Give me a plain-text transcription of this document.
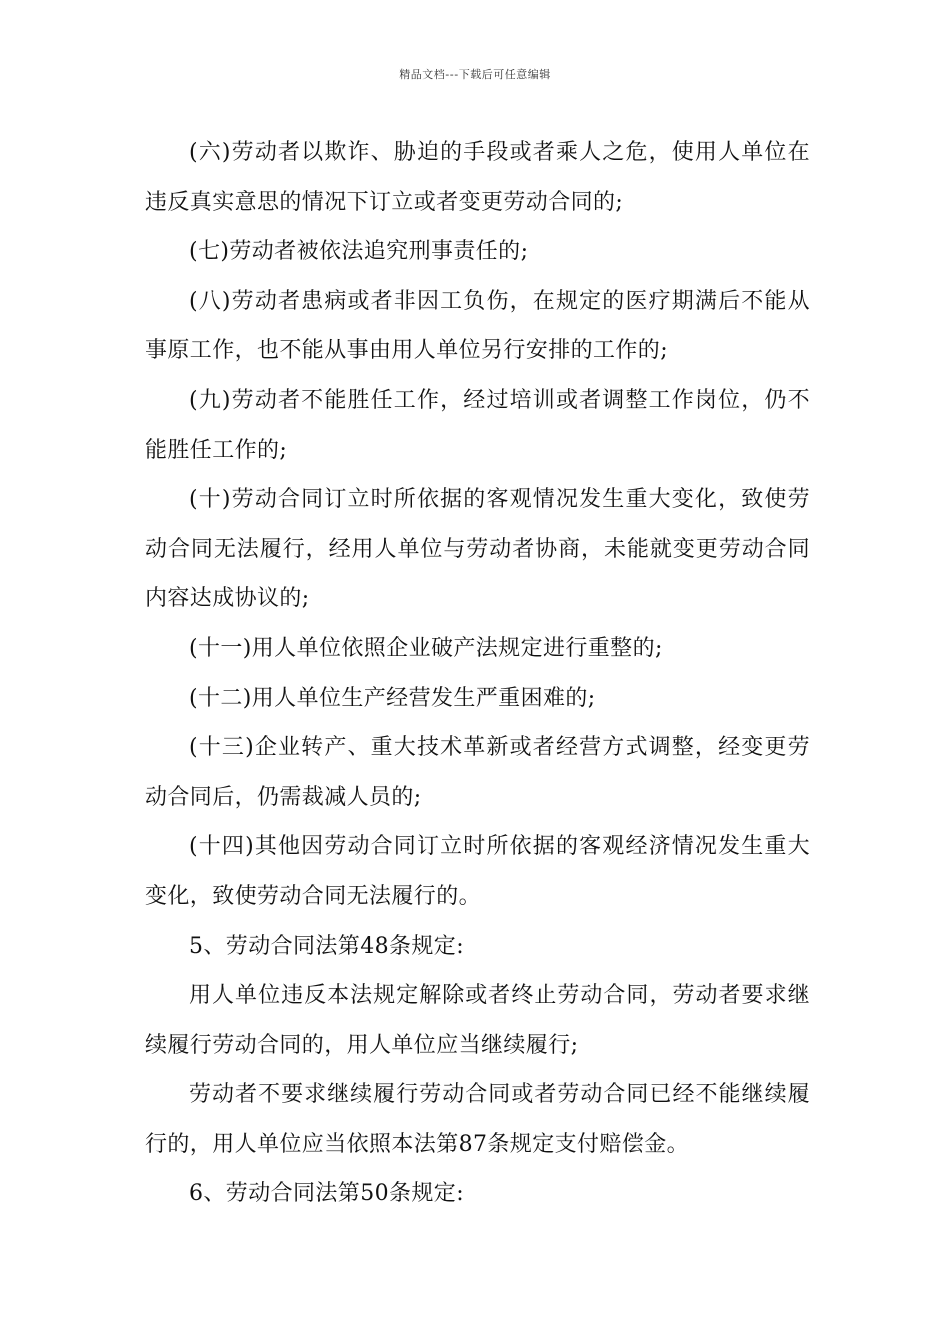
精品文档---下载后可任意编辑

(六)劳动者以欺诈、胁迫的手段或者乘人之危，使用人单位在违反真实意思的情况下订立或者变更劳动合同的;

(七)劳动者被依法追究刑事责任的;

(八)劳动者患病或者非因工负伤，在规定的医疗期满后不能从事原工作，也不能从事由用人单位另行安排的工作的;

(九)劳动者不能胜任工作，经过培训或者调整工作岗位，仍不能胜任工作的;

(十)劳动合同订立时所依据的客观情况发生重大变化，致使劳动合同无法履行，经用人单位与劳动者协商，未能就变更劳动合同内容达成协议的;

(十一)用人单位依照企业破产法规定进行重整的;

(十二)用人单位生产经营发生严重困难的;

(十三)企业转产、重大技术革新或者经营方式调整，经变更劳动合同后，仍需裁减人员的;

(十四)其他因劳动合同订立时所依据的客观经济情况发生重大变化，致使劳动合同无法履行的。

5、劳动合同法第48条规定:

用人单位违反本法规定解除或者终止劳动合同，劳动者要求继续履行劳动合同的，用人单位应当继续履行;

劳动者不要求继续履行劳动合同或者劳动合同已经不能继续履行的，用人单位应当依照本法第87条规定支付赔偿金。

6、劳动合同法第50条规定:
